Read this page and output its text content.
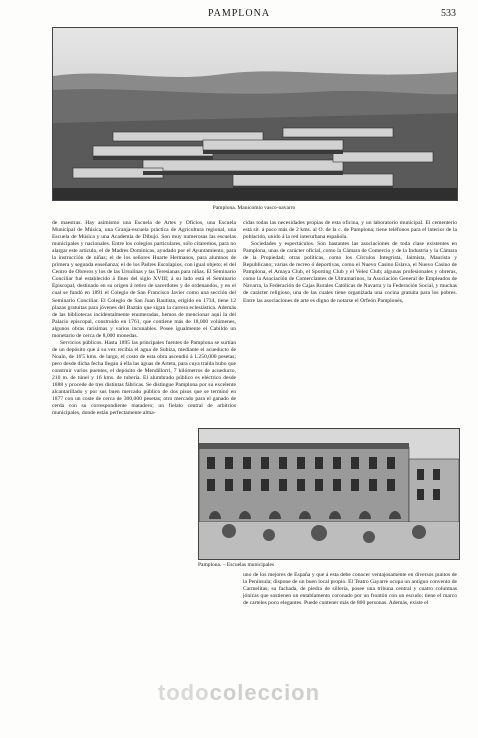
PAMPLONA	533
Pamplona. Manicomio vasco-navarro

de maestras. Hay asimismo una Escuela de Artes y Oficios, una Escuela Municipal de Música, una Granja-escuela práctica de Agricultura regional, una Escuela de Música y una Academia de Dibujo. Son muy numerosas las escuelas municipales y nacionales. Entre los colegios particulares, sólo citaremos, para no alargar este artículo, el de Madres Dominicas, ayudado por el Ayuntamiento, para la instrucción de niñas; el de los señores Huarte Hermanos, para alumnos de primera y segunda enseñanza; el de los Padres Escolapios, con igual objeto; el del Centro de Obreros y los de las Ursulinas y las Teresianas para niñas. El Seminario Conciliar fué establecido á fines del siglo XVIII; á su lado está el Seminario Episcopal, destinado en su origen á retiro de sacerdotes y de ordenandos, y en el cual se fundó en 1891 el Colegio de San Francisco Javier como una sección del Seminario Conciliar. El Colegio de San Juan Bautista, erigido en 1734, tiene 12 plazas gratuitas para jóvenes del Baztán que sigan la carrera eclesiástica. Además de las bibliotecas incidentalmente enumeradas, hemos de mencionar aquí la del Palacio episcopal, construido en 1761, que contiene más de 18,000 volúmenes, algunos obras rarísimas y varios incunables. Posee igualmente el Cabildo un monetario de cerca de 8,000 monedas.

Servicios públicos. Hasta 1895 las principales fuentes de Pamplona se surtían de un depósito que á su vez recibía el agua de Subiza, mediante el acueducto de Noain, de 16'5 kms. de largo, el costo de esta obra ascendió á 1.250,000 pesetas; pero desde dicha fecha llegan á ella las aguas de Arteta, para cuya traída hubo que construir varios puentes, el depósito de Mendillorri, 7 kilómetros de acueducto, 210 m. de túnel y 16 kms. de tubería. El alumbrado público es eléctrico desde 1888 y procede de tres distintas fábricas. Se distingue Pamplona por su excelente alcantarillado y por sus buen mercado público de dos pisos que se terminó en 1877 con un coste de cerca de 300,000 pesetas; otro mercado para el ganado de cerda con su correspondiente matadero; un fielato central de arbitrios municipales, donde están perfectamente alma-

cidas todas las necesidades propias de esta oficina, y un laboratorio municipal. El cementerio está sit. á poco más de 2 kms. al O. de la c. de Pamplona; tiene teléfonos para el interior de la población, unido á la red interurbana española.

Sociedades y espectáculos. Son bastantes las asociaciones de toda clase existentes en Pamplona, unas de carácter oficial, como la Cámara de Comercio y de la Industria y la Cámara de la Propiedad; otras políticas, como los Círculos Integrista, Jaimista, Maurista y Republicano; varias de recreo ó deportivas, como el Nuevo Casino Eslava, el Nuevo Casino de Pamplona, el Amaya Club, el Sporting Club y el Velez Club; algunas profesionales y obreras, como la Asociación de Comerciantes de Ultramarinos, la Asociación General de Empleados de Navarra, la Federación de Cajas Rurales Católicas de Navarra y la Federación Social, y muchas de carácter religioso, una de las cuales tiene organizada una cocina gratuita para los pobres. Entre las asociaciones de arte es digno de notarse el Orfeón Pamplonés,

Pamplona. – Escuelas municipales

uno de los mejores de España y que á esta debe conocer ventajosamente en diversos puntos de la Península; dispone de un buen local propio. El Teatro Gayarre ocupa un antiguo convento de Carmelitas; su fachada, de piedra de sillería, posee una tribuna central y cuatro columnas jónicas que sostienen un entablamento coronado por un frontón con un escudo; tiene el marco de carteles poco elegantes. Puede contener más de 800 personas. Además, existe el

todocoleccion
